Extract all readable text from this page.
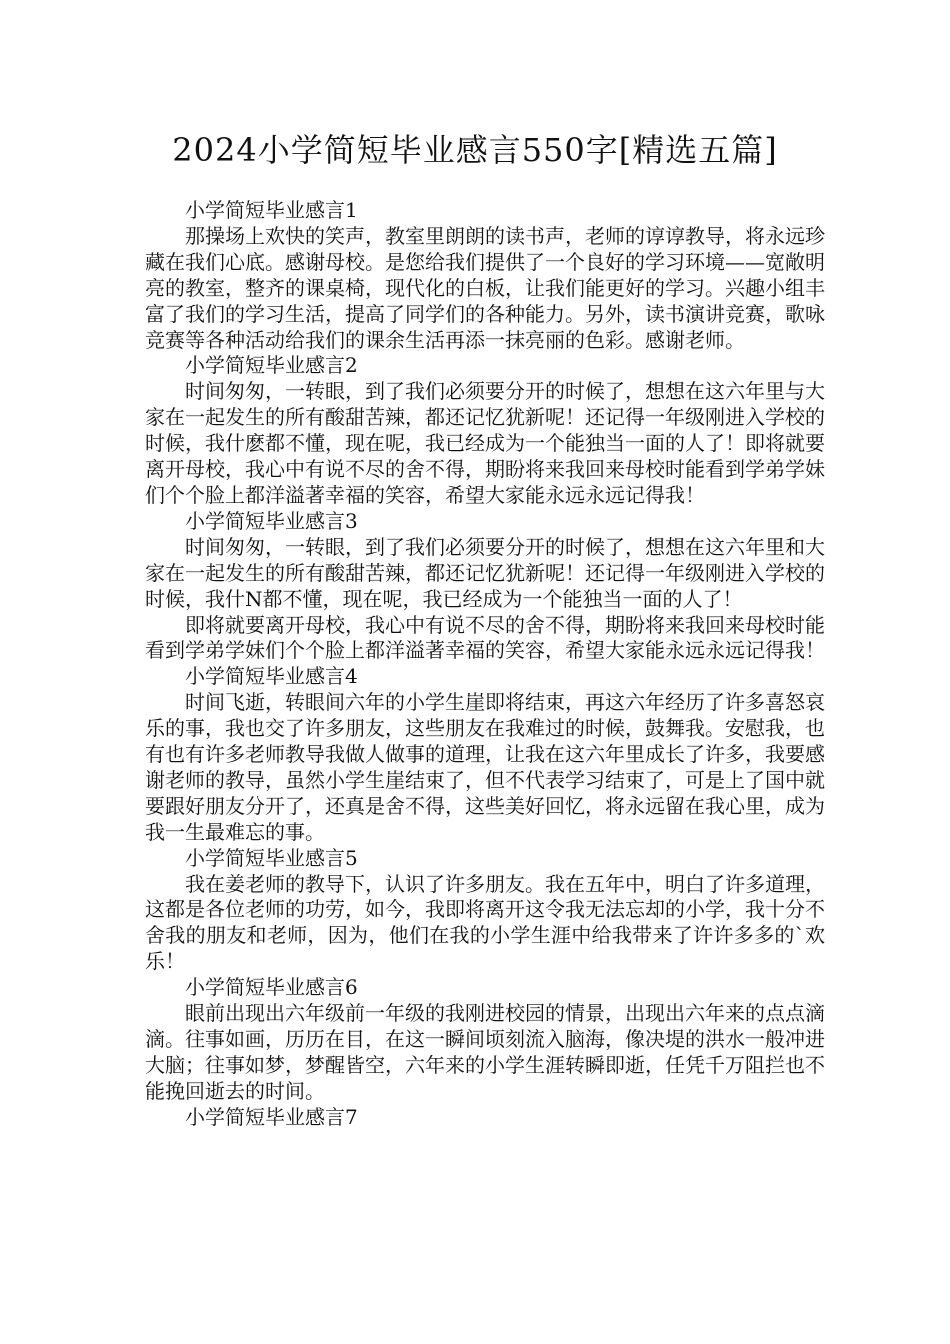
2024小学简短毕业感言550字[精选五篇]

小学简短毕业感言1

那操场上欢快的笑声，教室里朗朗的读书声，老师的谆谆教导，将永远珍藏在我们心底。感谢母校。是您给我们提供了一个良好的学习环境——宽敞明亮的教室，整齐的课桌椅，现代化的白板，让我们能更好的学习。兴趣小组丰富了我们的学习生活，提高了同学们的各种能力。另外，读书演讲竞赛，歌咏竞赛等各种活动给我们的课余生活再添一抹亮丽的色彩。感谢老师。

小学简短毕业感言2

时间匆匆，一转眼，到了我们必须要分开的时候了，想想在这六年里与大家在一起发生的所有酸甜苦辣，都还记忆犹新呢！还记得一年级刚进入学校的时候，我什麽都不懂，现在呢，我已经成为一个能独当一面的人了！即将就要离开母校，我心中有说不尽的舍不得，期盼将来我回来母校时能看到学弟学妹们个个脸上都洋溢著幸福的笑容，希望大家能永远永远记得我！

小学简短毕业感言3

时间匆匆，一转眼，到了我们必须要分开的时候了，想想在这六年里和大家在一起发生的所有酸甜苦辣，都还记忆犹新呢！还记得一年级刚进入学校的时候，我什N都不懂，现在呢，我已经成为一个能独当一面的人了！

即将就要离开母校，我心中有说不尽的舍不得，期盼将来我回来母校时能看到学弟学妹们个个脸上都洋溢著幸福的笑容，希望大家能永远永远记得我！

小学简短毕业感言4

时间飞逝，转眼间六年的小学生崖即将结束，再这六年经历了许多喜怒哀乐的事，我也交了许多朋友，这些朋友在我难过的时候，鼓舞我。安慰我，也有也有许多老师教导我做人做事的道理，让我在这六年里成长了许多，我要感谢老师的教导，虽然小学生崖结束了，但不代表学习结束了，可是上了国中就要跟好朋友分开了，还真是舍不得，这些美好回忆，将永远留在我心里，成为我一生最难忘的事。

小学简短毕业感言5

我在姜老师的教导下，认识了许多朋友。我在五年中，明白了许多道理，这都是各位老师的功劳，如今，我即将离开这令我无法忘却的小学，我十分不舍我的朋友和老师，因为，他们在我的小学生涯中给我带来了许许多多的`欢乐！

小学简短毕业感言6

眼前出现出六年级前一年级的我刚进校园的情景，出现出六年来的点点滴滴。往事如画，历历在目，在这一瞬间顷刻流入脑海，像决堤的洪水一般冲进大脑；往事如梦，梦醒皆空，六年来的小学生涯转瞬即逝，任凭千万阻拦也不能挽回逝去的时间。

小学简短毕业感言7
